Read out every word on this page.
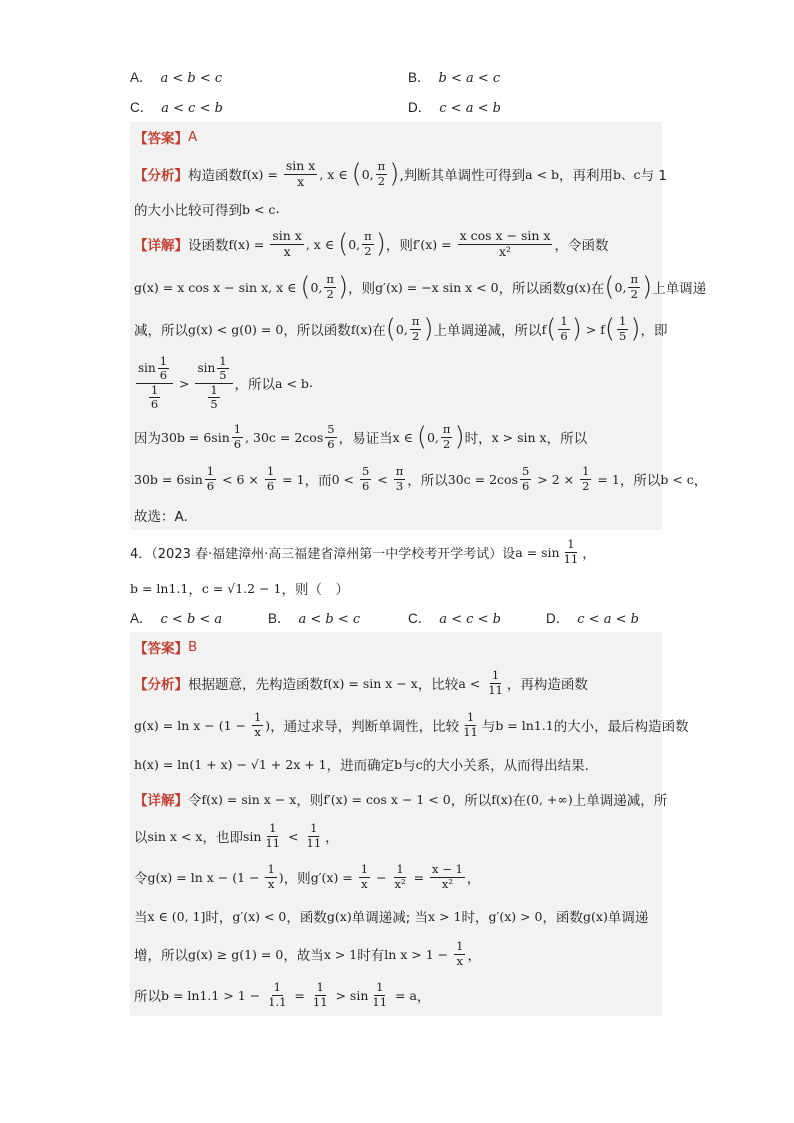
A． a < b < c	B． b < a < c
C． a < c < b	D． c < a < b
【答案】 A
【分析】 构造函数 $f(x) = \frac{\text{sin x}}{x}$ , x ∈ ( 0, $\frac{\pi}{2}$ ) ,判断其单调性可得到 a < b ，再利用 b、c 与 1
的大小比较可得到 b < c .
【详解】 设函数 $f(x) = \frac{\text{sin x}}{x}$ , x ∈ ( 0, $\frac{\pi}{2}$ ) ，则 $f'(x) = \frac{\text{x cos x − sin x}}{\text{x²}}$ ，令函数
g(x) = x cos x − sin x, x ∈ ( 0, $\frac{\pi}{2}$ ) ，则 g′(x) = −x sin x < 0 ，所以函数 g(x) 在 ( 0, $\frac{\pi}{2}$ ) 上单调递
减，所以 g(x) < g(0) = 0 ，所以函数 f(x) 在 ( 0, $\frac{\pi}{2}$ ) 上单调递减，所以 f ( $\frac{1}{6}$ ) > f ( $\frac{1}{5}$ ) ，即
$\frac{\sin \frac{1}{6}}{\frac{1}{6}} > \frac{\sin \frac{1}{5}}{\frac{1}{5}}$ ，所以 a < b .
因为 $30b = 6\sin \frac{1}{6}$ , $30c = 2\cos \frac{5}{6}$ ，易证当 x ∈ ( 0, $\frac{\pi}{2}$ ) 时， x > sin x ，所以
$30b = 6\sin \frac{1}{6} < 6 \times \frac{1}{6} = 1$ ，而 $0 < \frac{5}{6} < \frac{\pi}{3}$ ，所以 $30c = 2\cos \frac{5}{6} > 2 \times \frac{1}{2} = 1$ ，所以 b < c ，
故选：A.
4．（2023 春·福建漳州·高三福建省漳州第一中学校考开学考试）设 $a = \sin \frac{1}{11}$ ，
b = ln1.1 ， c = √1.2 − 1 ，则（　）
A． c < b < a	B． a < b < c	C． a < c < b	D． c < a < b
【答案】 B
【分析】 根据题意，先构造函数 f(x) = sin x − x ，比较 $a < \frac{1}{11}$ ，再构造函数
$g(x) = \ln x - (1 - \frac{1}{x}$ ) ，通过求导，判断单调性，比较 $\frac{1}{11}$ 与 b = ln1.1 的大小，最后构造函数
h(x) = ln(1 + x) − √1 + 2x + 1 ，进而确定 b 与 c 的大小关系，从而得出结果.
【详解】 令 f(x) = sin x − x ，则 f′(x) = cos x − 1 < 0 ，所以 f(x) 在 (0, +∞) 上单调递减，所
以 sin x < x ，也即 $\sin \frac{1}{11} < \frac{1}{11}$ ，
令 $g(x) = \ln x - (1 - \frac{1}{x}$ ) ，则 $g'(x) = \frac{1}{x} - \frac{1}{\text{x²}} = \frac{x - 1}{\text{x²}}$ ，
当 x ∈ (0, 1] 时， g′(x) < 0 ，函数 g(x) 单调递减; 当 x > 1 时， g′(x) > 0 ，函数 g(x) 单调递
增，所以 g(x) ≥ g(1) = 0 ，故当 x > 1 时有 $\ln x > 1 - \frac{1}{x}$ ，
所以 $b = \ln 1.1 > 1 - \frac{1}{1.1} = \frac{1}{11} > \sin \frac{1}{11} = a$ ，
